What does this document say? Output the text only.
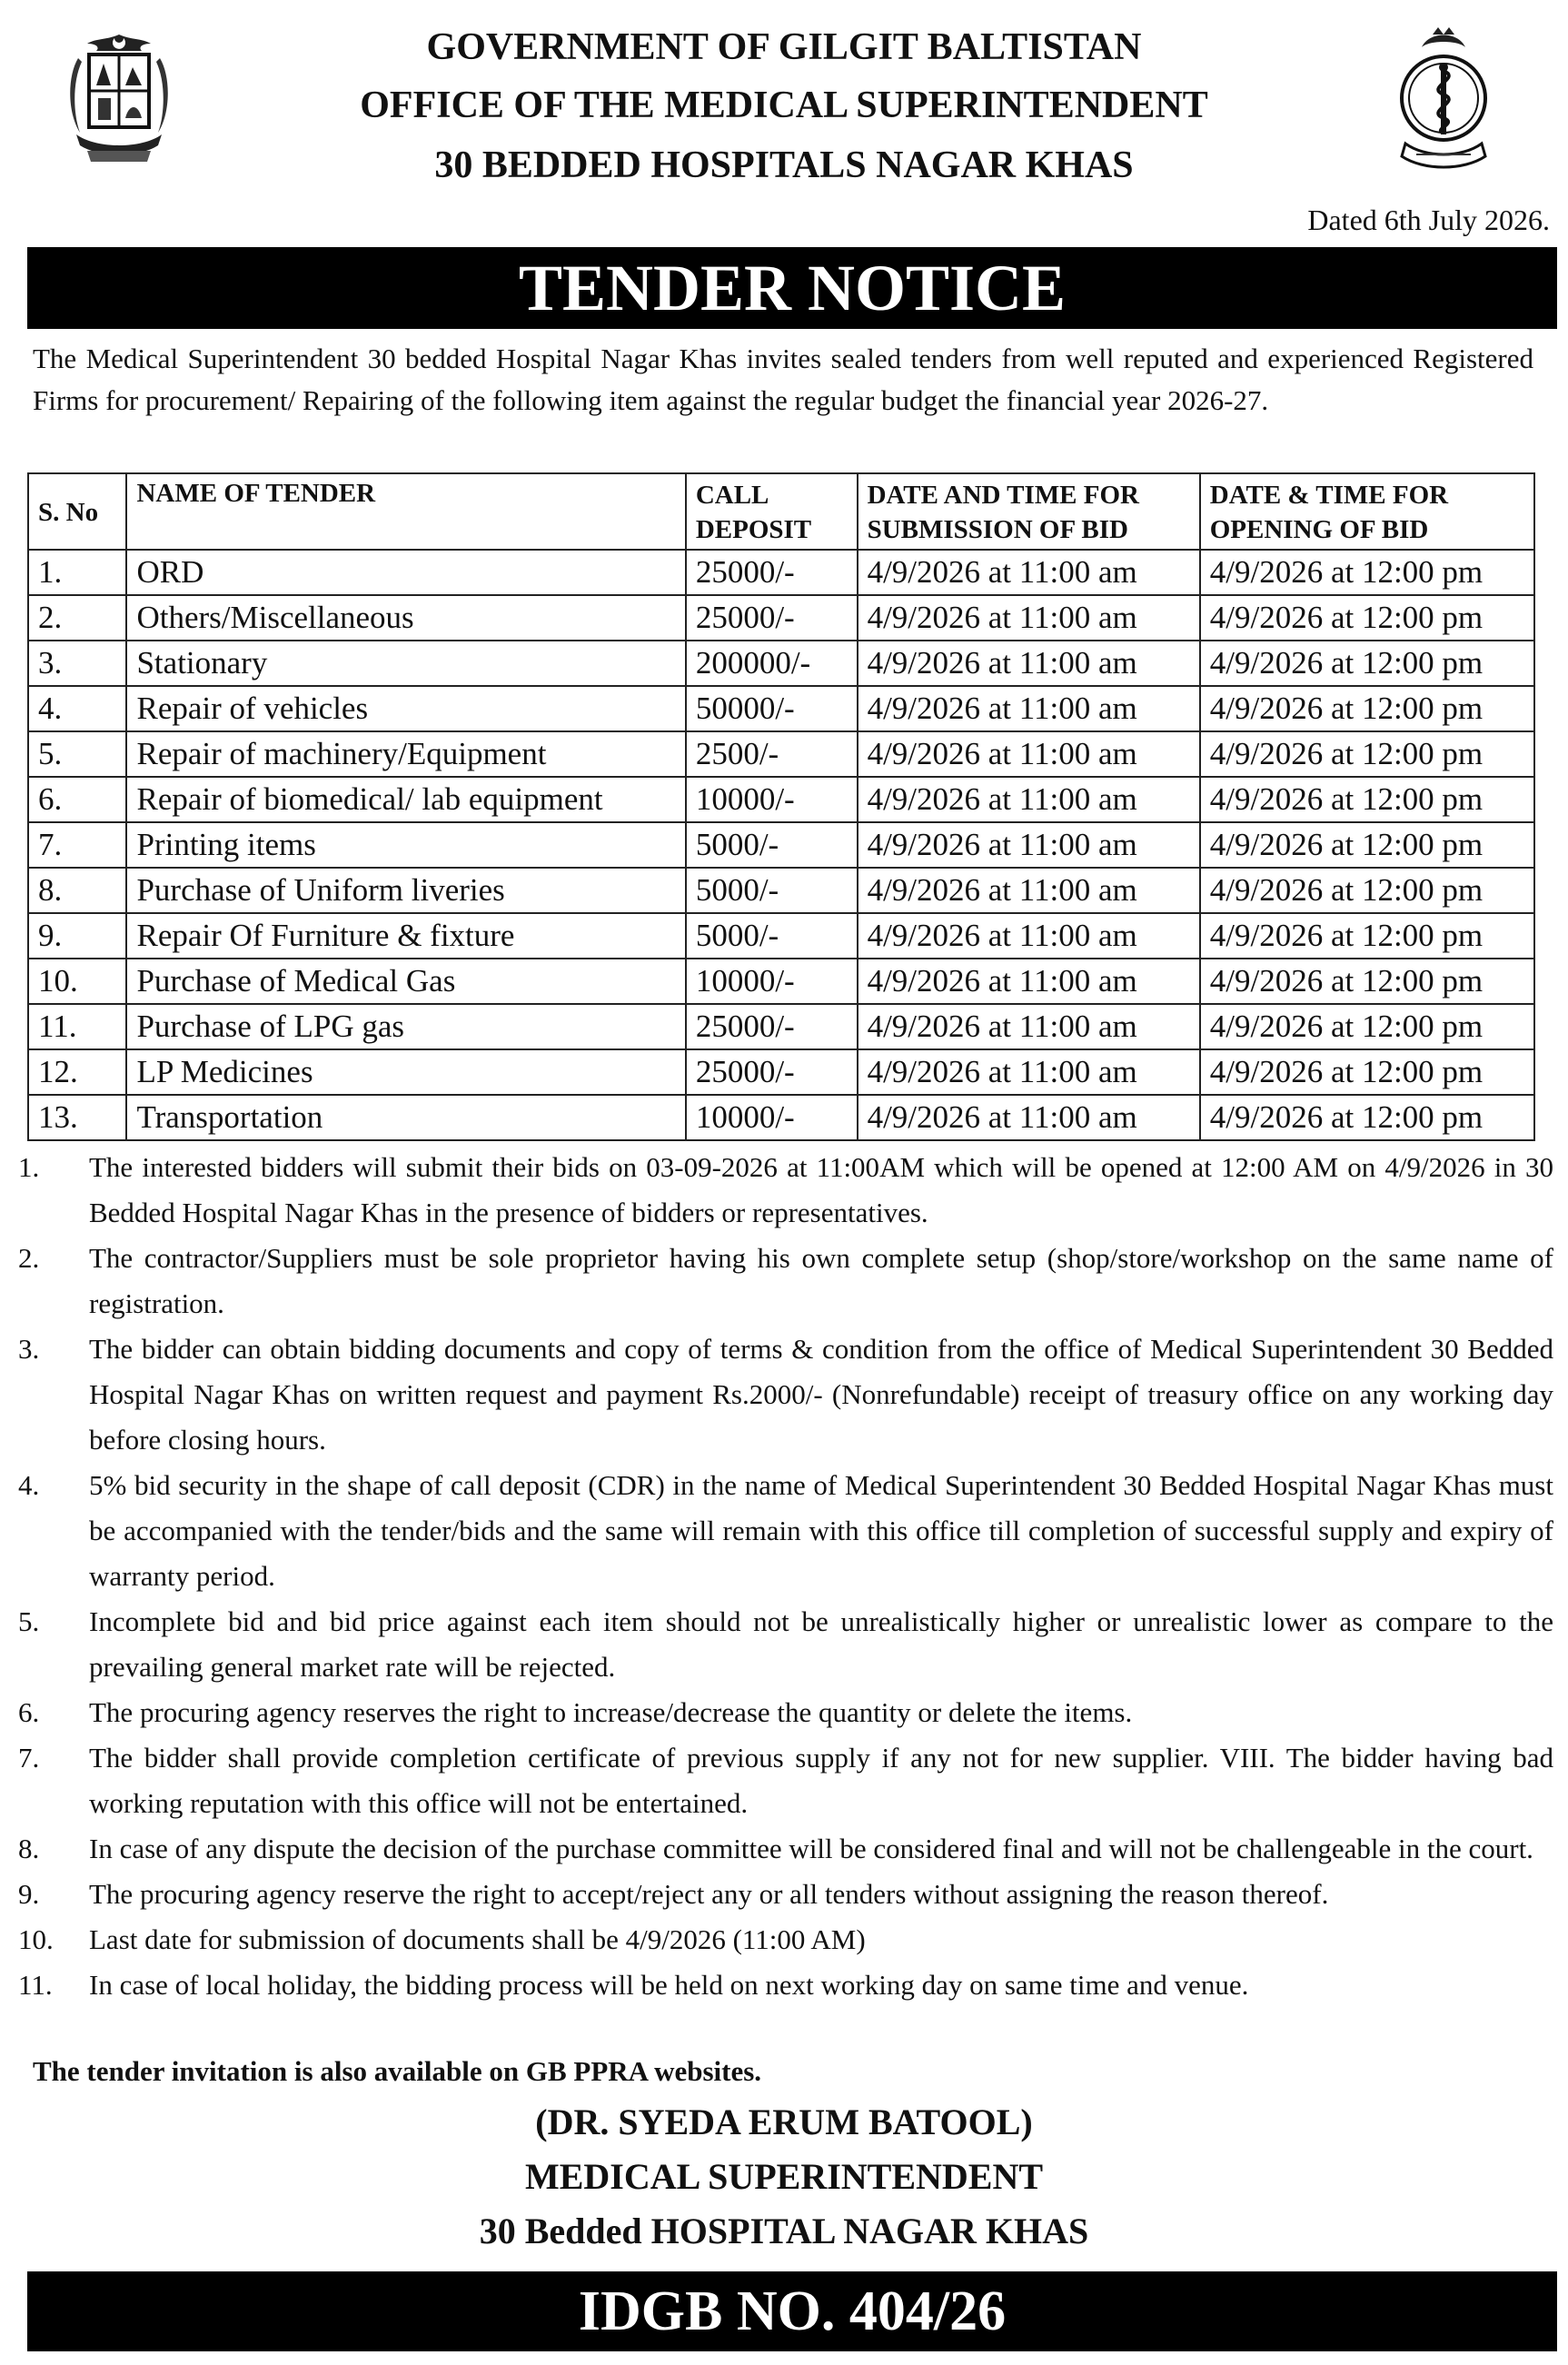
GOVERNMENT OF GILGIT BALTISTAN
OFFICE OF THE MEDICAL SUPERINTENDENT
30 BEDDED HOSPITALS NAGAR KHAS
Dated 6th July 2026.
TENDER NOTICE
The Medical Superintendent 30 bedded Hospital Nagar Khas invites sealed tenders from well reputed and experienced Registered Firms for procurement/ Repairing of the following item against the regular budget the financial year 2026-27.
S. No	NAME OF TENDER	CALL DEPOSIT	DATE AND TIME FOR SUBMISSION OF BID	DATE & TIME FOR OPENING OF BID
1.	ORD	25000/-	4/9/2026 at 11:00 am	4/9/2026 at 12:00 pm
2.	Others/Miscellaneous	25000/-	4/9/2026 at 11:00 am	4/9/2026 at 12:00 pm
3.	Stationary	200000/-	4/9/2026 at 11:00 am	4/9/2026 at 12:00 pm
4.	Repair of vehicles	50000/-	4/9/2026 at 11:00 am	4/9/2026 at 12:00 pm
5.	Repair of machinery/Equipment	2500/-	4/9/2026 at 11:00 am	4/9/2026 at 12:00 pm
6.	Repair of biomedical/ lab equipment	10000/-	4/9/2026 at 11:00 am	4/9/2026 at 12:00 pm
7.	Printing items	5000/-	4/9/2026 at 11:00 am	4/9/2026 at 12:00 pm
8.	Purchase of Uniform liveries	5000/-	4/9/2026 at 11:00 am	4/9/2026 at 12:00 pm
9.	Repair Of Furniture & fixture	5000/-	4/9/2026 at 11:00 am	4/9/2026 at 12:00 pm
10.	Purchase of Medical Gas	10000/-	4/9/2026 at 11:00 am	4/9/2026 at 12:00 pm
11.	Purchase of LPG gas	25000/-	4/9/2026 at 11:00 am	4/9/2026 at 12:00 pm
12.	LP Medicines	25000/-	4/9/2026 at 11:00 am	4/9/2026 at 12:00 pm
13.	Transportation	10000/-	4/9/2026 at 11:00 am	4/9/2026 at 12:00 pm
1.	The interested bidders will submit their bids on 03-09-2026 at 11:00AM which will be opened at 12:00 AM on 4/9/2026 in 30 Bedded Hospital Nagar Khas in the presence of bidders or representatives.
2.	The contractor/Suppliers must be sole proprietor having his own complete setup (shop/store/workshop on the same name of registration.
3.	The bidder can obtain bidding documents and copy of terms & condition from the office of Medical Superintendent 30 Bedded Hospital Nagar Khas on written request and payment Rs.2000/- (Nonrefundable) receipt of treasury office on any working day before closing hours.
4.	5% bid security in the shape of call deposit (CDR) in the name of Medical Superintendent 30 Bedded Hospital Nagar Khas must be accompanied with the tender/bids and the same will remain with this office till completion of successful supply and expiry of warranty period.
5.	Incomplete bid and bid price against each item should not be unrealistically higher or unrealistic lower as compare to the prevailing general market rate will be rejected.
6.	The procuring agency reserves the right to increase/decrease the quantity or delete the items.
7.	The bidder shall provide completion certificate of previous supply if any not for new supplier. VIII. The bidder having bad working reputation with this office will not be entertained.
8.	In case of any dispute the decision of the purchase committee will be considered final and will not be challengeable in the court.
9.	The procuring agency reserve the right to accept/reject any or all tenders without assigning the reason thereof.
10.	Last date for submission of documents shall be 4/9/2026 (11:00 AM)
11.	In case of local holiday, the bidding process will be held on next working day on same time and venue.
The tender invitation is also available on GB PPRA websites.
(DR. SYEDA ERUM BATOOL)
MEDICAL SUPERINTENDENT
30 Bedded HOSPITAL NAGAR KHAS
IDGB NO. 404/26
